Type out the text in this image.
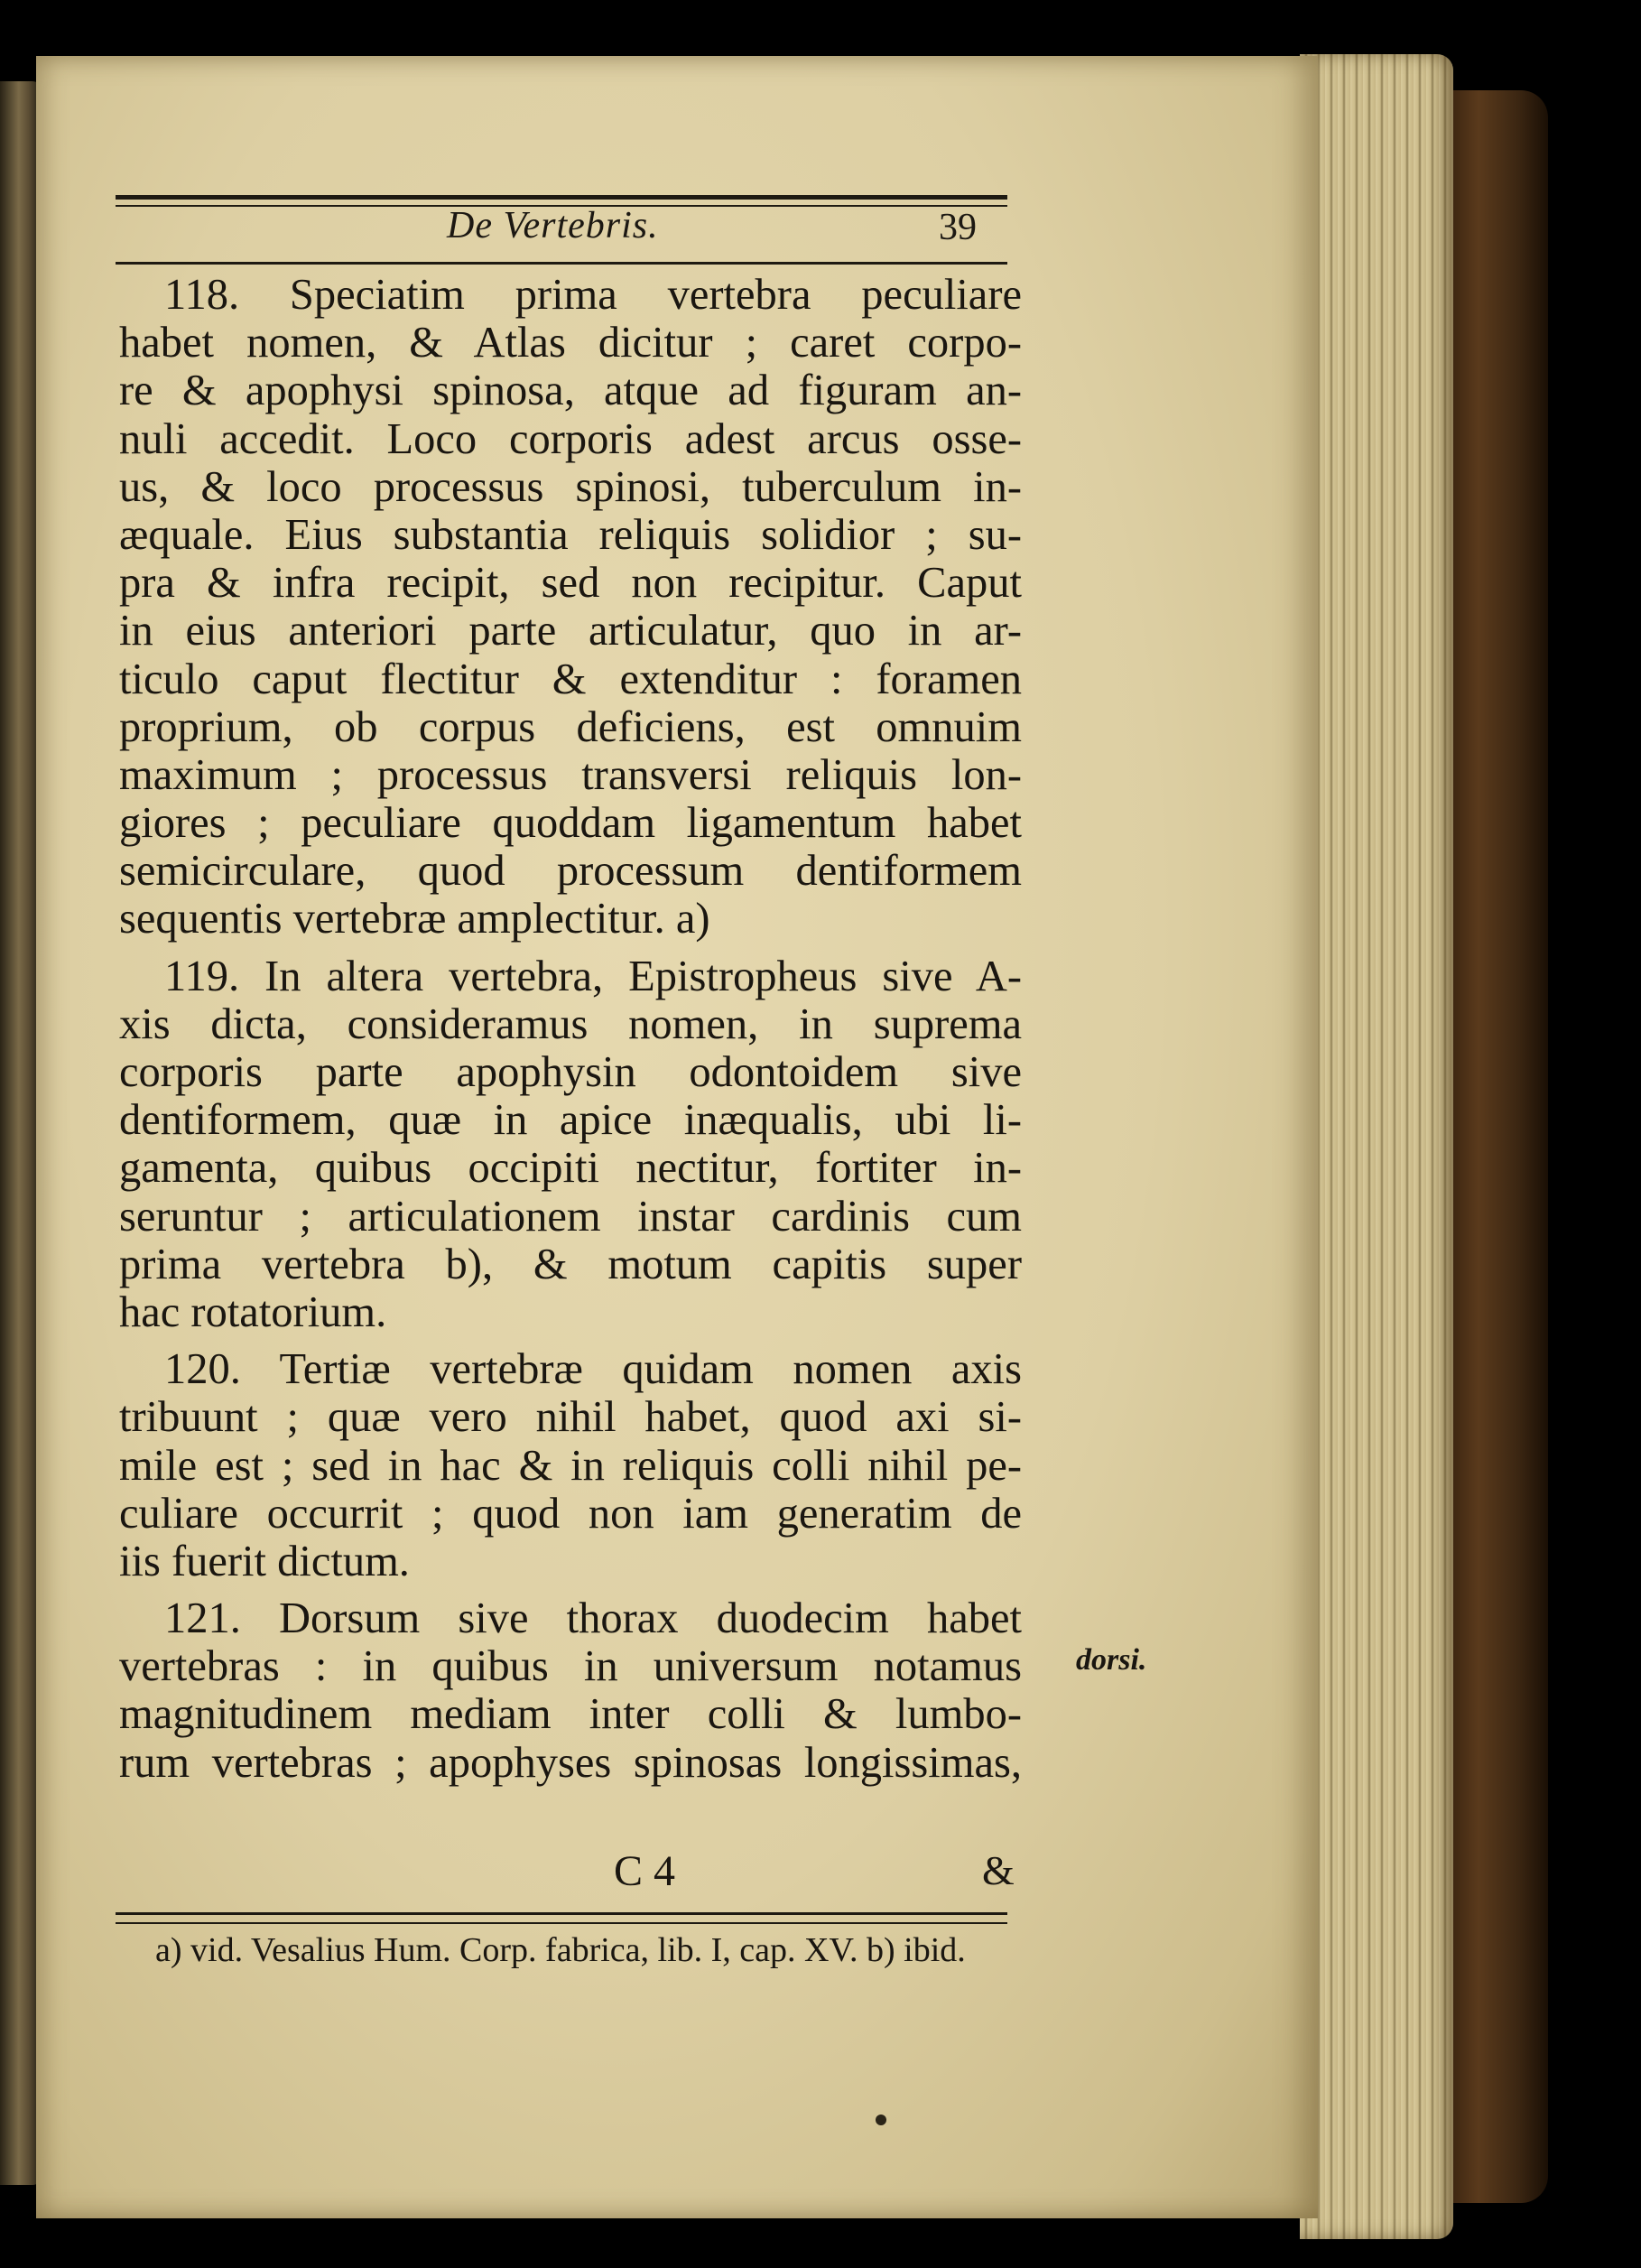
De Vertebris.	39
118. Speciatim prima vertebra peculiare
habet nomen, & Atlas dicitur ; caret corpo-
re & apophysi spinosa, atque ad figuram an-
nuli accedit. Loco corporis adest arcus osse-
us, & loco processus spinosi, tuberculum in-
æquale. Eius substantia reliquis solidior ; su-
pra & infra recipit, sed non recipitur. Caput
in eius anteriori parte articulatur, quo in ar-
ticulo caput flectitur & extenditur : foramen
proprium, ob corpus deficiens, est omnuim
maximum ; processus transversi reliquis lon-
giores ; peculiare quoddam ligamentum habet
semicirculare, quod processum dentiformem
sequentis vertebræ amplectitur. a)
119. In altera vertebra, Epistropheus sive A-
xis dicta, consideramus nomen, in suprema
corporis parte apophysin odontoidem sive
dentiformem, quæ in apice inæqualis, ubi li-
gamenta, quibus occipiti nectitur, fortiter in-
seruntur ; articulationem instar cardinis cum
prima vertebra b), & motum capitis super
hac rotatorium.
120. Tertiæ vertebræ quidam nomen axis
tribuunt ; quæ vero nihil habet, quod axi si-
mile est ; sed in hac & in reliquis colli nihil pe-
culiare occurrit ; quod non iam generatim de
iis fuerit dictum.
121. Dorsum sive thorax duodecim habet
vertebras : in quibus in universum notamus
magnitudinem mediam inter colli & lumbo-
rum vertebras ; apophyses spinosas longissimas,
dorsi.
C 4	&
a) vid. Vesalius Hum. Corp. fabrica, lib. I, cap. XV. b) ibid.
